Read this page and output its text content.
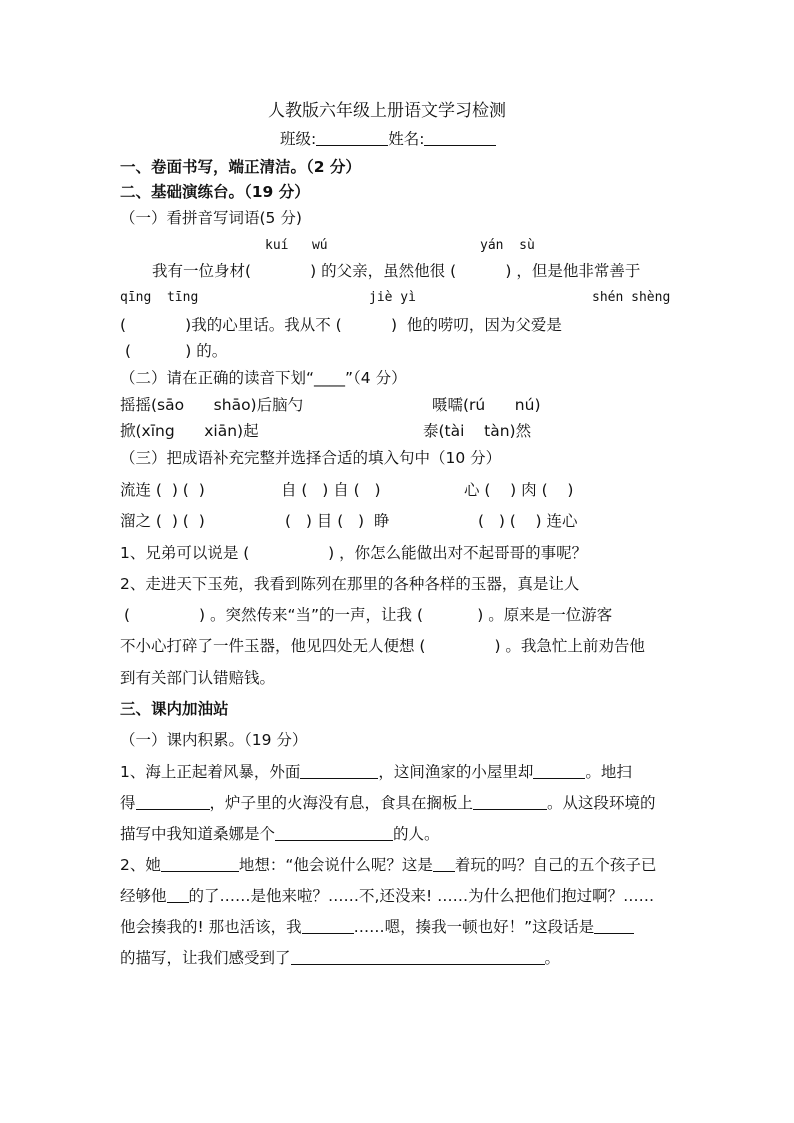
人教版六年级上册语文学习检测
班级:	姓名:
一、卷面书写，端正清洁。（2 分）
二、基础演练台。（19 分）
（一）看拼音写词语(5 分)
kuí   wú	yán  sù
我有一位身材(            ) 的父亲，虽然他很 (          ) ，但是他非常善于
qīng  tīng	jiè yì	shén shèng
(            )我的心里话。我从不 (          )  他的唠叨，因为父爱是
(           ) 的。
（二）请在正确的读音下划“____”（4 分）
摇摇(sāo      shāo)后脑勺	嗫嚅(rú      nú)
掀(xīng      xiān)起	泰(tài    tàn)然
（三）把成语补充完整并选择合适的填入句中（10 分）
流连 (  ) (  )	自 (   ) 自 (   )	心 (    ) 肉 (    )
溜之 (  ) (  )	(   ) 目 (   )  睁	(   ) (    ) 连心
1、兄弟可以说是 (                ) ，你怎么能做出对不起哥哥的事呢？
2、走进天下玉苑，我看到陈列在那里的各种各样的玉器，真是让人
(              ) 。突然传来“当”的一声，让我 (           ) 。原来是一位游客
不小心打碎了一件玉器，他见四处无人便想 (              ) 。我急忙上前劝告他
到有关部门认错赔钱。
三、课内加油站
（一）课内积累。（19 分）
1、海上正起着风暴，外面	，这间渔家的小屋里却	。地扫
得	，炉子里的火海没有息，食具在搁板上	。从这段环境的
描写中我知道桑娜是个	的人。
2、她	地想：“他会说什么呢？这是 着玩的吗？自己的五个孩子已
经够他 的了……是他来啦？……不,还没来! ……为什么把他们抱过啊？……
他会揍我的! 那也活该，我	……嗯，揍我一顿也好！”这段话是
的描写，让我们感受到了	。
